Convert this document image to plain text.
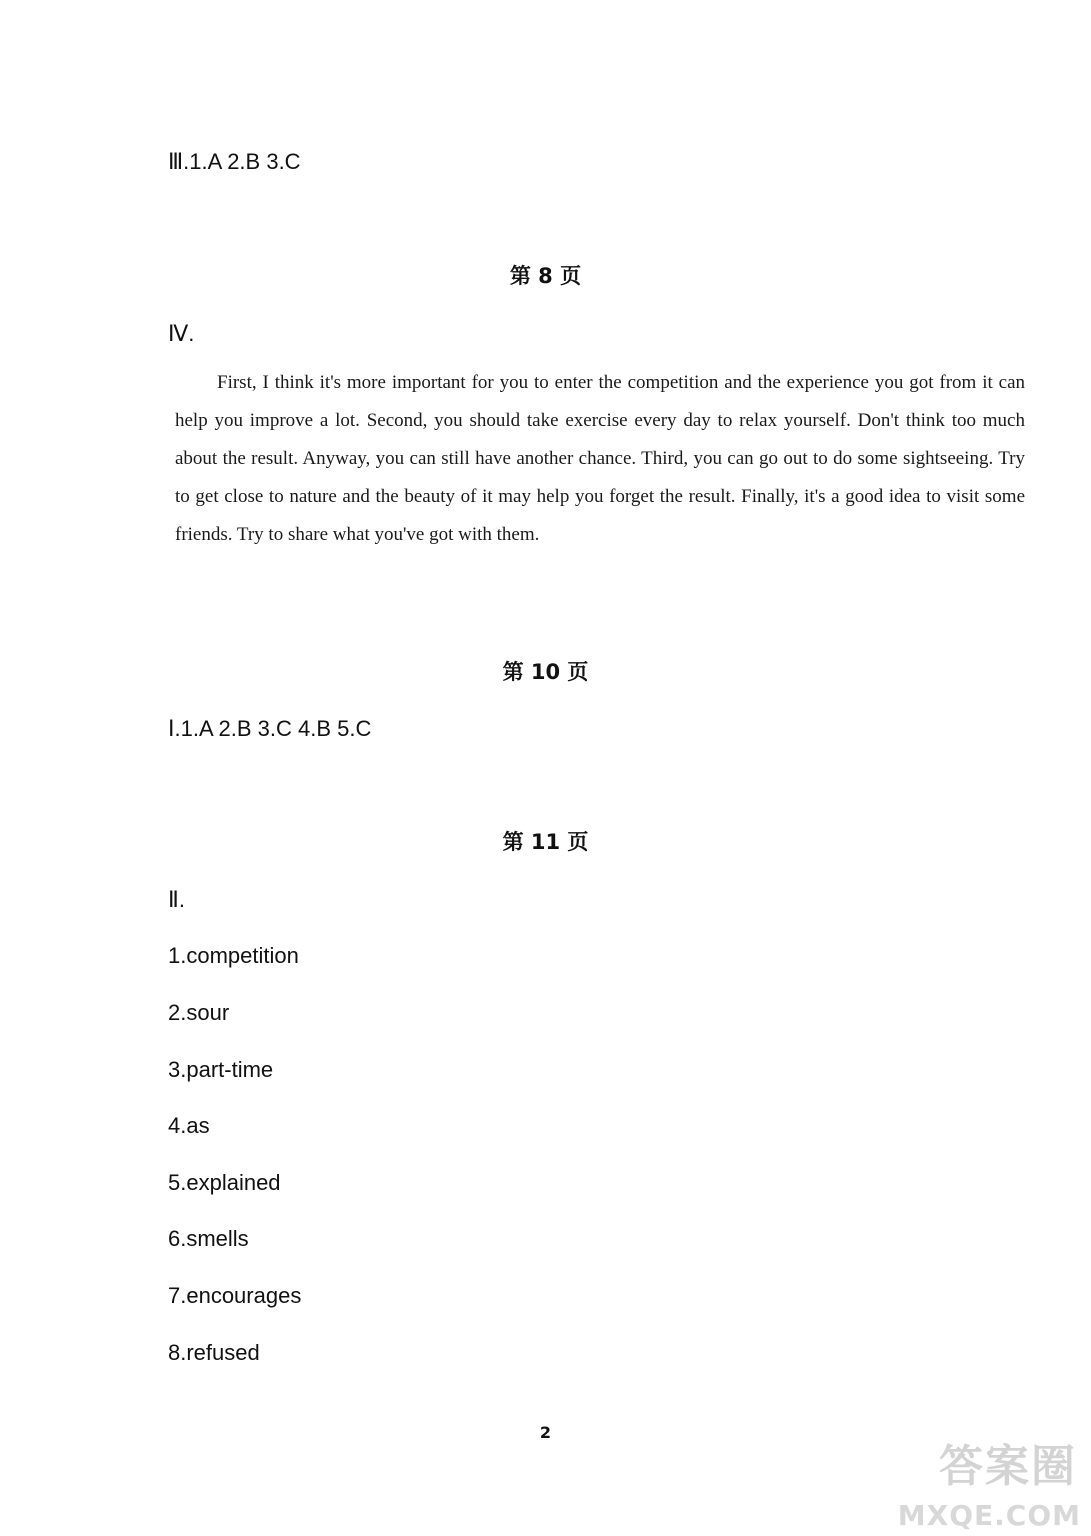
Ⅲ.1.A 2.B 3.C
第 8 页
Ⅳ.

First, I think it's more important for you to enter the competition and the experience you got from it can help you improve a lot. Second, you should take exercise every day to relax yourself. Don't think too much about the result. Anyway, you can still have another chance. Third, you can go out to do some sightseeing. Try to get close to nature and the beauty of it may help you forget the result. Finally, it's a good idea to visit some friends. Try to share what you've got with them.

第 10 页
Ⅰ.1.A 2.B 3.C 4.B 5.C
第 11 页
Ⅱ.
1.competition
2.sour
3.part-time
4.as
5.explained
6.smells
7.encourages
8.refused
2
答案圈
MXQE.COM
